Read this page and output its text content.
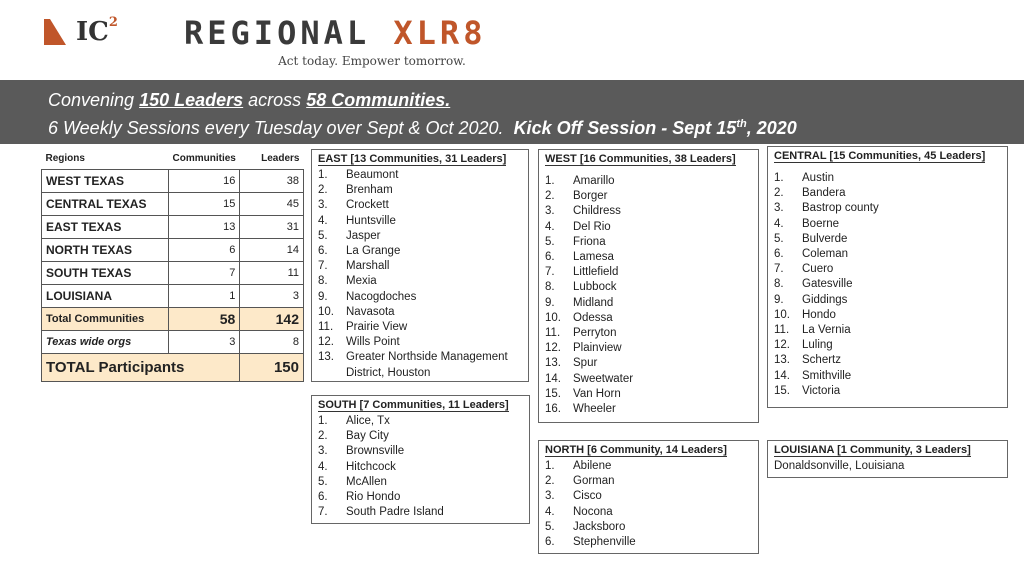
$IC^2$ REGIONAL XLR8
Act today. Empower tomorrow.
Convening 150 Leaders across 58 Communities.
6 Weekly Sessions every Tuesday over Sept & Oct 2020. Kick Off Session - Sept 15th, 2020
Regions	Communities	Leaders
WEST TEXAS	16	38
CENTRAL TEXAS	15	45
EAST TEXAS	13	31
NORTH TEXAS	6	14
SOUTH TEXAS	7	11
LOUISIANA	1	3
Total Communities	58	142
Texas wide orgs	3	8
TOTAL Participants		150
EAST [13 Communities, 31 Leaders]
1.	Beaumont
2.	Brenham
3.	Crockett
4.	Huntsville
5.	Jasper
6.	La Grange
7.	Marshall
8.	Mexia
9.	Nacogdoches
10.	Navasota
11.	Prairie View
12.	Wills Point
13.	Greater Northside Management District, Houston
WEST [16 Communities, 38 Leaders]
1.	Amarillo
2.	Borger
3.	Childress
4.	Del Rio
5.	Friona
6.	Lamesa
7.	Littlefield
8.	Lubbock
9.	Midland
10.	Odessa
11.	Perryton
12.	Plainview
13.	Spur
14.	Sweetwater
15.	Van Horn
16.	Wheeler
CENTRAL [15 Communities, 45 Leaders]
1.	Austin
2.	Bandera
3.	Bastrop county
4.	Boerne
5.	Bulverde
6.	Coleman
7.	Cuero
8.	Gatesville
9.	Giddings
10.	Hondo
11.	La Vernia
12.	Luling
13.	Schertz
14.	Smithville
15.	Victoria
SOUTH [7 Communities, 11 Leaders]
1.	Alice, Tx
2.	Bay City
3.	Brownsville
4.	Hitchcock
5.	McAllen
6.	Rio Hondo
7.	South Padre Island
NORTH [6 Community, 14 Leaders]
1.	Abilene
2.	Gorman
3.	Cisco
4.	Nocona
5.	Jacksboro
6.	Stephenville
LOUISIANA [1 Community, 3 Leaders]
Donaldsonville, Louisiana
